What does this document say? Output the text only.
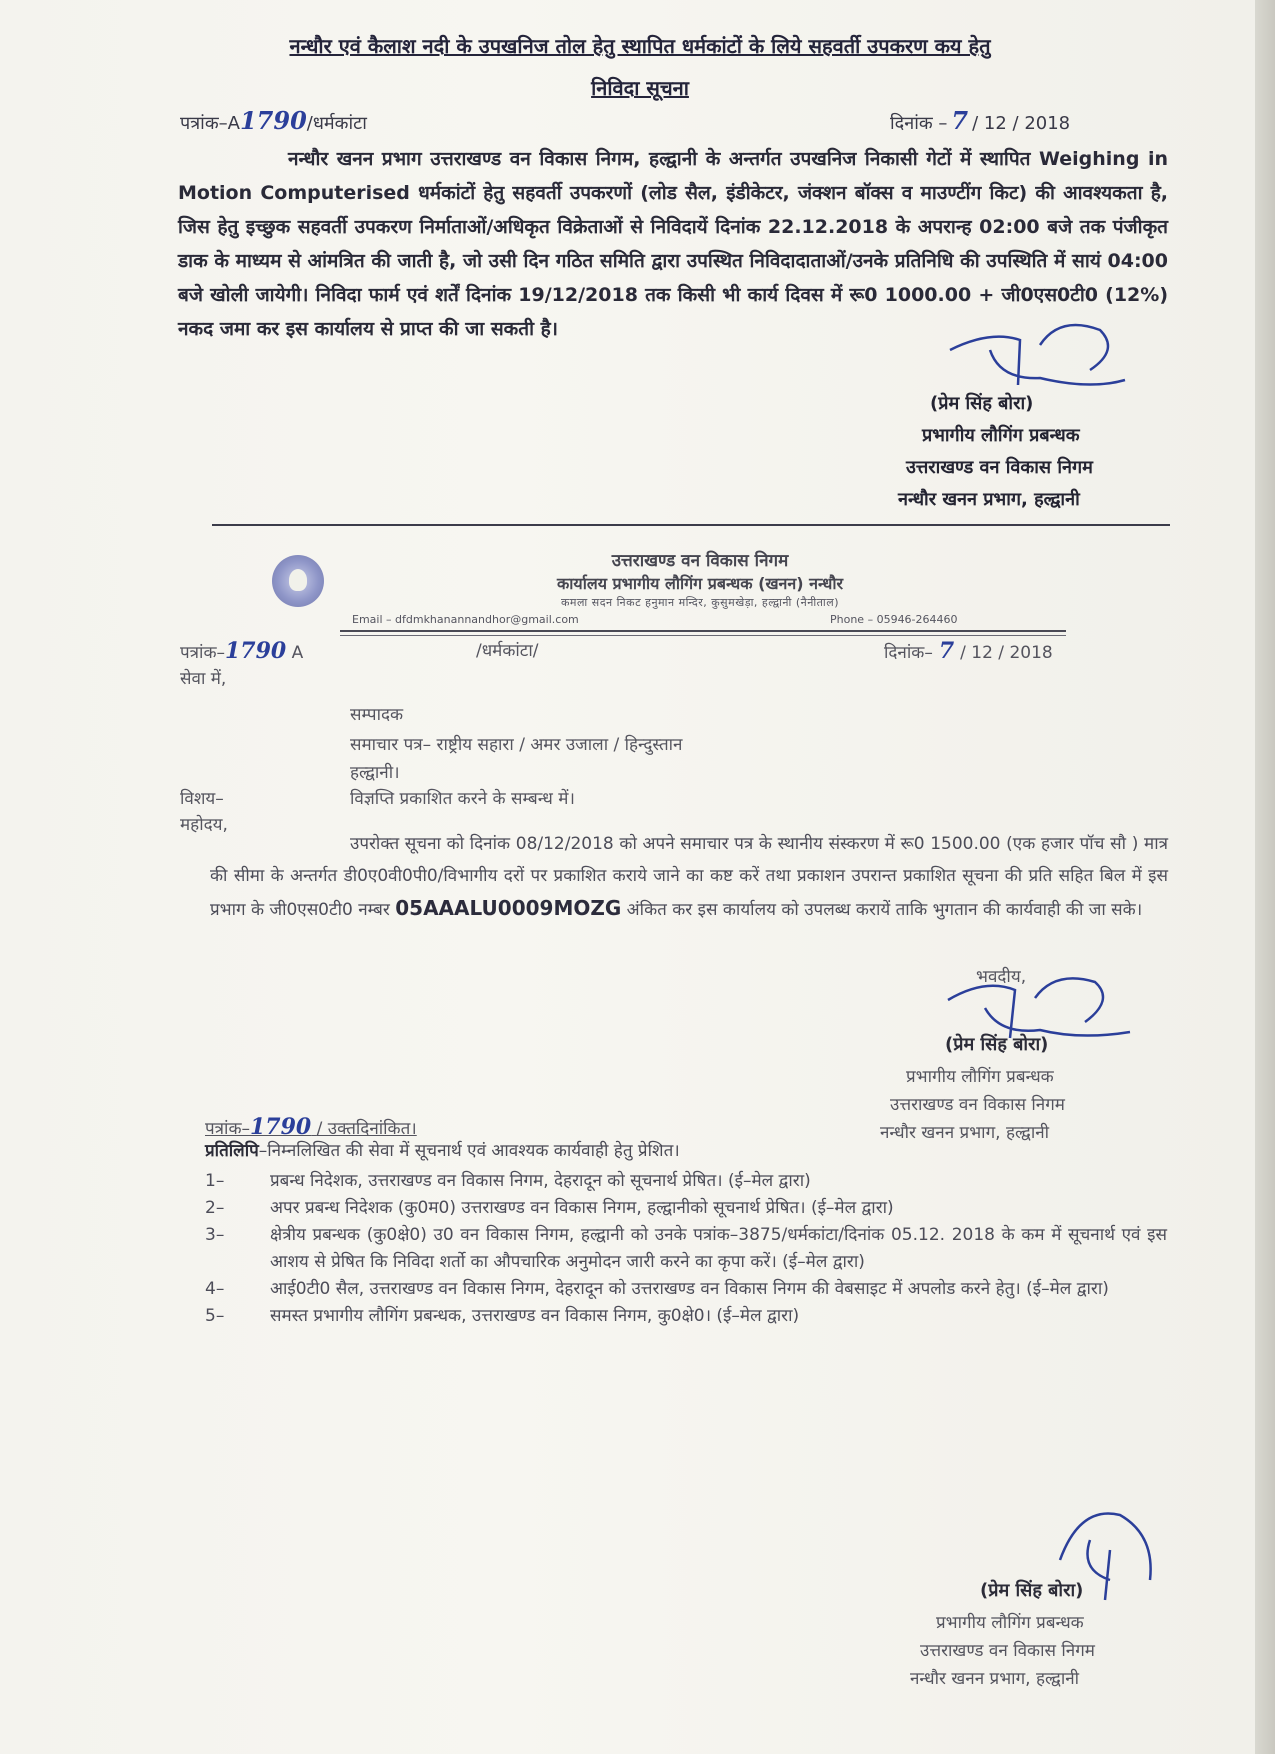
नन्धौर एवं कैलाश नदी के उपखनिज तोल हेतु स्थापित धर्मकांटों के लिये सहवर्ती उपकरण कय हेतु

निविदा सूचना

पत्रांक–A1790/धर्मकांटा	दिनांक – 7 / 12 / 2018

नन्धौर खनन प्रभाग उत्तराखण्ड वन विकास निगम, हल्द्वानी के अन्तर्गत उपखनिज निकासी गेटों में स्थापित Weighing in Motion Computerised धर्मकांटों हेतु सहवर्ती उपकरणों (लोड सैल, इंडीकेटर, जंक्शन बॉक्स व माउण्टींग किट) की आवश्यकता है, जिस हेतु इच्छुक सहवर्ती उपकरण निर्माताओं/अधिकृत विक्रेताओं से निविदायें दिनांक 22.12.2018 के अपरान्ह 02:00 बजे तक पंजीकृत डाक के माध्यम से आंमत्रित की जाती है, जो उसी दिन गठित समिति द्वारा उपस्थित निविदादाताओं/उनके प्रतिनिधि की उपस्थिति में सायं 04:00 बजे खोली जायेगी। निविदा फार्म एवं शर्तें दिनांक 19/12/2018 तक किसी भी कार्य दिवस में रू0 1000.00 + जी0एस0टी0 (12%) नकद जमा कर इस कार्यालय से प्राप्त की जा सकती है।

(प्रेम सिंह बोरा)
प्रभागीय लौगिंग प्रबन्धक
उत्तराखण्ड वन विकास निगम
नन्धौर खनन प्रभाग, हल्द्वानी
उत्तराखण्ड वन विकास निगम
कार्यालय प्रभागीय लौगिंग प्रबन्धक (खनन) नन्धौर
कमला सदन निकट हनुमान मन्दिर, कुसुमखेड़ा, हल्द्वानी (नैनीताल)
Email – dfdmkhanannandhor@gmail.com	Phone – 05946-264460
पत्रांक–1790 A	/धर्मकांटा/	दिनांक– 7 / 12 / 2018
सेवा में,
सम्पादक
समाचार पत्र– राष्ट्रीय सहारा / अमर उजाला / हिन्दुस्तान
हल्द्वानी।
विशय–	विज्ञप्ति प्रकाशित करने के सम्बन्ध में।
महोदय,

उपरोक्त सूचना को दिनांक 08/12/2018 को अपने समाचार पत्र के स्थानीय संस्करण में रू0 1500.00 (एक हजार पॉच सौ ) मात्र की सीमा के अन्तर्गत डी0ए0वी0पी0/विभागीय दरों पर प्रकाशित कराये जाने का कष्ट करें तथा प्रकाशन उपरान्त प्रकाशित सूचना की प्रति सहित बिल में इस प्रभाग के जी0एस0टी0 नम्बर 05AAALU0009MOZG अंकित कर इस कार्यालय को उपलब्ध करायें ताकि भुगतान की कार्यवाही की जा सके।

भवदीय,
(प्रेम सिंह बोरा)
प्रभागीय लौगिंग प्रबन्धक
उत्तराखण्ड वन विकास निगम
नन्धौर खनन प्रभाग, हल्द्वानी
पत्रांक–1790 / उक्तदिनांकित।
प्रतिलिपि–निम्नलिखित की सेवा में सूचनार्थ एवं आवश्यक कार्यवाही हेतु प्रेशित।
1–	प्रबन्ध निदेशक, उत्तराखण्ड वन विकास निगम, देहरादून को सूचनार्थ प्रेषित। (ई–मेल द्वारा)
2–	अपर प्रबन्ध निदेशक (कु0म0) उत्तराखण्ड वन विकास निगम, हल्द्वानीको सूचनार्थ प्रेषित। (ई–मेल द्वारा)
3–	क्षेत्रीय प्रबन्धक (कु0क्षे0) उ0 वन विकास निगम, हल्द्वानी को उनके पत्रांक–3875/धर्मकांटा/दिनांक 05.12. 2018 के कम में सूचनार्थ एवं इस आशय से प्रेषित कि निविदा शर्तो का औपचारिक अनुमोदन जारी करने का कृपा करें। (ई–मेल द्वारा)
4–	आई0टी0 सैल, उत्तराखण्ड वन विकास निगम, देहरादून को उत्तराखण्ड वन विकास निगम की वेबसाइट में अपलोड करने हेतु। (ई–मेल द्वारा)
5–	समस्त प्रभागीय लौगिंग प्रबन्धक, उत्तराखण्ड वन विकास निगम, कु0क्षे0। (ई–मेल द्वारा)
(प्रेम सिंह बोरा)
प्रभागीय लौगिंग प्रबन्धक
उत्तराखण्ड वन विकास निगम
नन्धौर खनन प्रभाग, हल्द्वानी
